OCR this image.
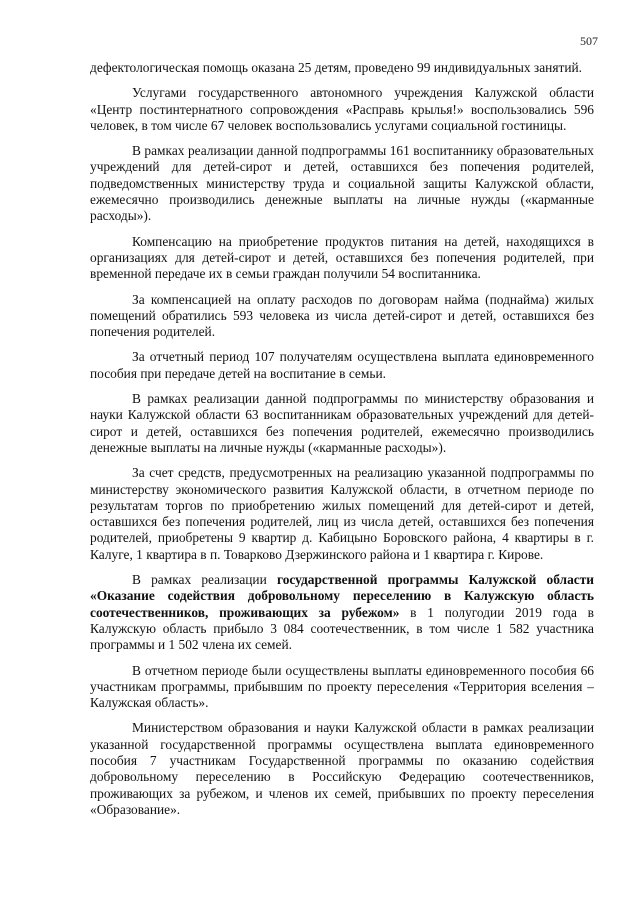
507

дефектологическая помощь оказана 25 детям, проведено 99 индивидуальных занятий.

Услугами государственного автономного учреждения Калужской области «Центр постинтернатного сопровождения «Расправь крылья!» воспользовались 596 человек, в том числе 67 человек воспользовались услугами социальной гостиницы.

В рамках реализации данной подпрограммы 161 воспитаннику образовательных учреждений для детей-сирот и детей, оставшихся без попечения родителей, подведомственных министерству труда и социальной защиты Калужской области, ежемесячно производились денежные выплаты на личные нужды («карманные расходы»).

Компенсацию на приобретение продуктов питания на детей, находящихся в организациях для детей-сирот и детей, оставшихся без попечения родителей, при временной передаче их в семьи граждан получили 54 воспитанника.

За компенсацией на оплату расходов по договорам найма (поднайма) жилых помещений обратились 593 человека из числа детей-сирот и детей, оставшихся без попечения родителей.

За отчетный период 107 получателям осуществлена выплата единовременного пособия при передаче детей на воспитание в семьи.

В рамках реализации данной подпрограммы по министерству образования и науки Калужской области 63 воспитанникам образовательных учреждений для детей-сирот и детей, оставшихся без попечения родителей, ежемесячно производились денежные выплаты на личные нужды («карманные расходы»).

За счет средств, предусмотренных на реализацию указанной подпрограммы по министерству экономического развития Калужской области, в отчетном периоде по результатам торгов по приобретению жилых помещений для детей-сирот и детей, оставшихся без попечения родителей, лиц из числа детей, оставшихся без попечения родителей, приобретены 9 квартир д. Кабицыно Боровского района, 4 квартиры в г. Калуге, 1 квартира в п. Товарково Дзержинского района и 1 квартира г. Кирове.

В рамках реализации государственной программы Калужской области «Оказание содействия добровольному переселению в Калужскую область соотечественников, проживающих за рубежом» в 1 полугодии 2019 года в Калужскую область прибыло 3 084 соотечественник, в том числе 1 582 участника программы и 1 502 члена их семей.

В отчетном периоде были осуществлены выплаты единовременного пособия 66 участникам программы, прибывшим по проекту переселения «Территория вселения – Калужская область».

Министерством образования и науки Калужской области в рамках реализации указанной государственной программы осуществлена выплата единовременного пособия 7 участникам Государственной программы по оказанию содействия добровольному переселению в Российскую Федерацию соотечественников, проживающих за рубежом, и членов их семей, прибывших по проекту переселения «Образование».
